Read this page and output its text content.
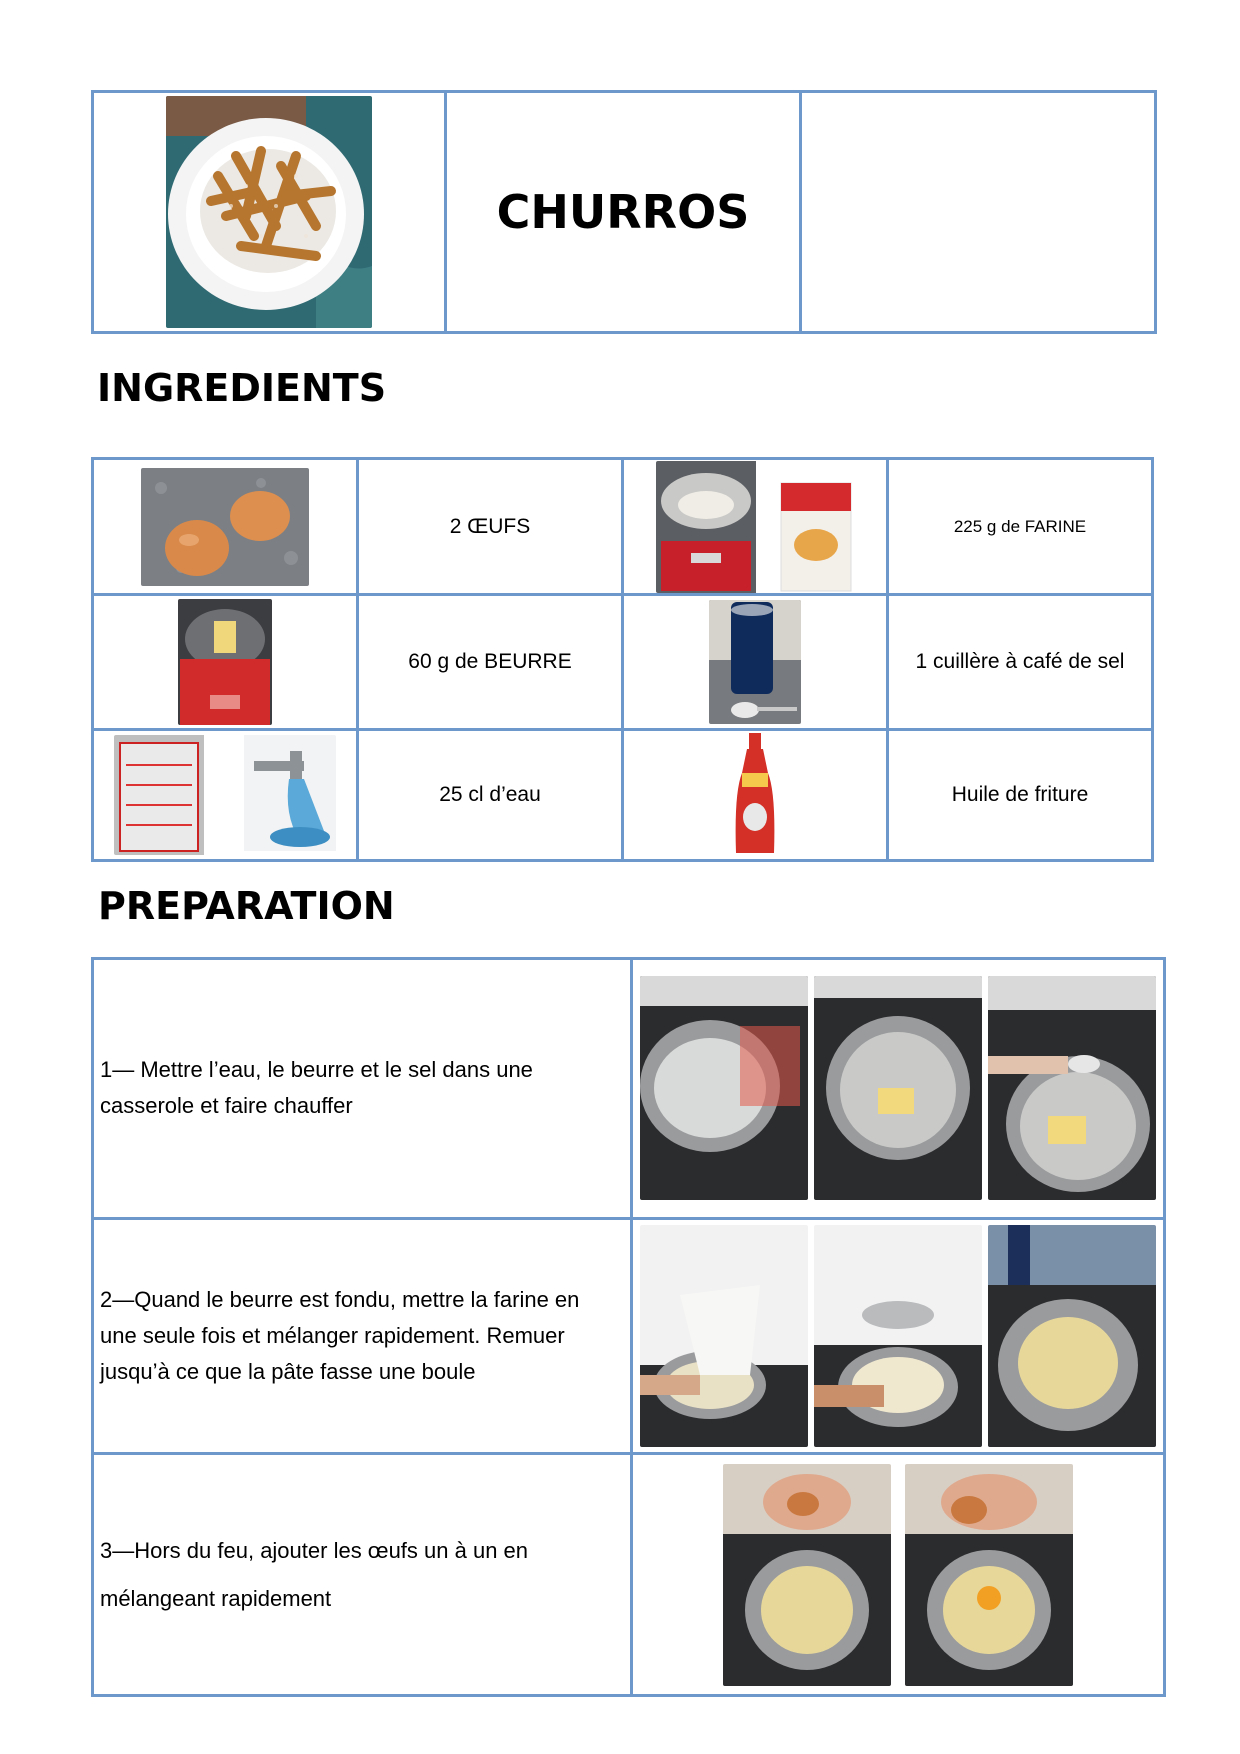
	CHURROS	
INGREDIENTS
	2 ŒUFS		225 g de FARINE

	60 g de BEURRE		1 cuillère à café de sel

	25 cl d’eau		Huile de friture
PREPARATION
1— Mettre l’eau, le beurre et le sel dans une
casserole et faire chauffer

2—Quand le beurre est fondu, mettre la farine en
une seule fois et mélanger rapidement. Remuer
jusqu’à ce que la pâte fasse une boule

3—Hors du feu, ajouter les œufs un à un en
mélangeant rapidement
